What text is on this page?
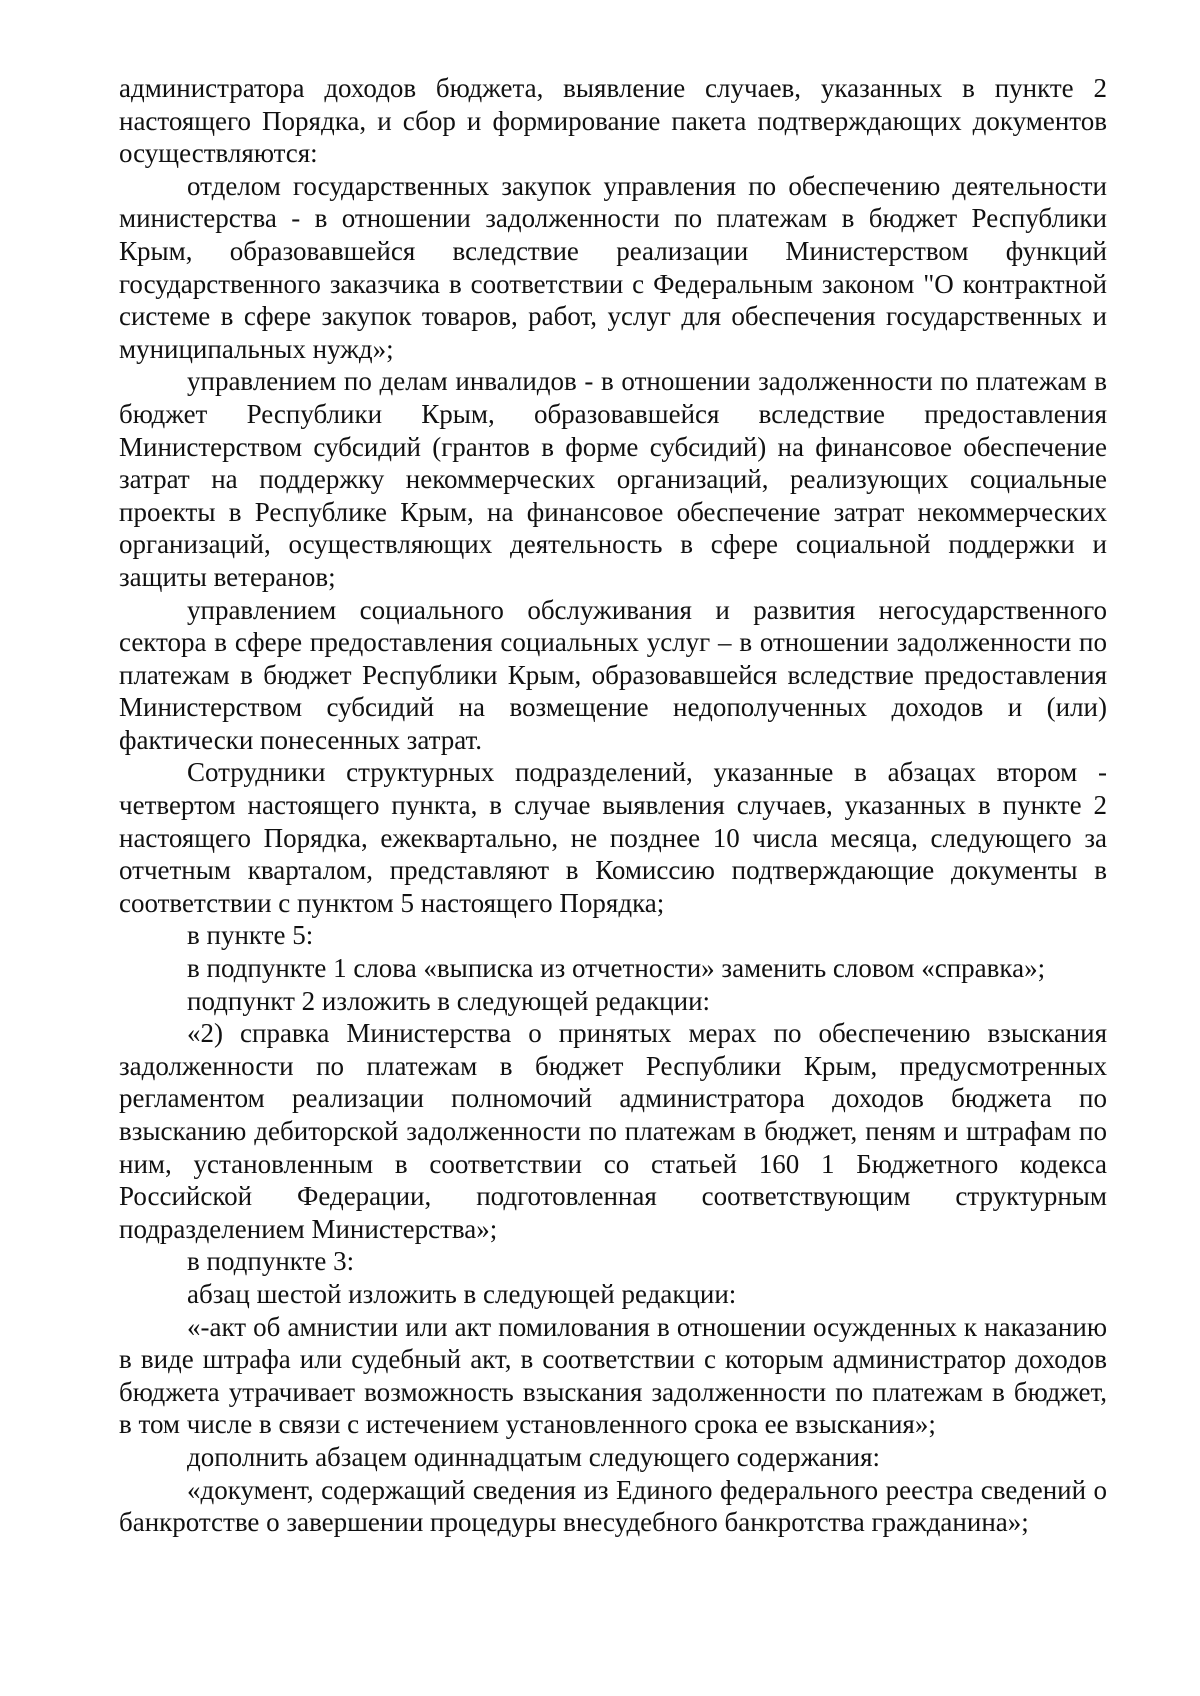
администратора доходов бюджета, выявление случаев, указанных в пункте 2 настоящего Порядка, и сбор и формирование пакета подтверждающих документов осуществляются:

отделом государственных закупок управления по обеспечению деятельности министерства - в отношении задолженности по платежам в бюджет Республики Крым, образовавшейся вследствие реализации Министерством функций государственного заказчика в соответствии с Федеральным законом "О контрактной системе в сфере закупок товаров, работ, услуг для обеспечения государственных и муниципальных нужд»;

управлением по делам инвалидов - в отношении задолженности по платежам в бюджет Республики Крым, образовавшейся вследствие предоставления Министерством субсидий (грантов в форме субсидий) на финансовое обеспечение затрат на поддержку некоммерческих организаций, реализующих социальные проекты в Республике Крым, на финансовое обеспечение затрат некоммерческих организаций, осуществляющих деятельность в сфере социальной поддержки и защиты ветеранов;

управлением социального обслуживания и развития негосударственного сектора в сфере предоставления социальных услуг – в отношении задолженности по платежам в бюджет Республики Крым, образовавшейся вследствие предоставления Министерством субсидий на возмещение недополученных доходов и (или) фактически понесенных затрат.

Сотрудники структурных подразделений, указанные в абзацах втором - четвертом настоящего пункта, в случае выявления случаев, указанных в пункте 2 настоящего Порядка, ежеквартально, не позднее 10 числа месяца, следующего за отчетным кварталом, представляют в Комиссию подтверждающие документы в соответствии с пунктом 5 настоящего Порядка;

в пункте 5:

в подпункте 1 слова «выписка из отчетности» заменить словом «справка»;

подпункт 2 изложить в следующей редакции:

«2) справка Министерства о принятых мерах по обеспечению взыскания задолженности по платежам в бюджет Республики Крым, предусмотренных регламентом реализации полномочий администратора доходов бюджета по взысканию дебиторской задолженности по платежам в бюджет, пеням и штрафам по ним, установленным в соответствии со статьей 160 1 Бюджетного кодекса Российской Федерации, подготовленная соответствующим структурным подразделением Министерства»;

в подпункте 3:

абзац шестой изложить в следующей редакции:

«-акт об амнистии или акт помилования в отношении осужденных к наказанию в виде штрафа или судебный акт, в соответствии с которым администратор доходов бюджета утрачивает возможность взыскания задолженности по платежам в бюджет, в том числе в связи с истечением установленного срока ее взыскания»;

дополнить абзацем одиннадцатым следующего содержания:

«документ, содержащий сведения из Единого федерального реестра сведений о банкротстве о завершении процедуры внесудебного банкротства гражданина»;
